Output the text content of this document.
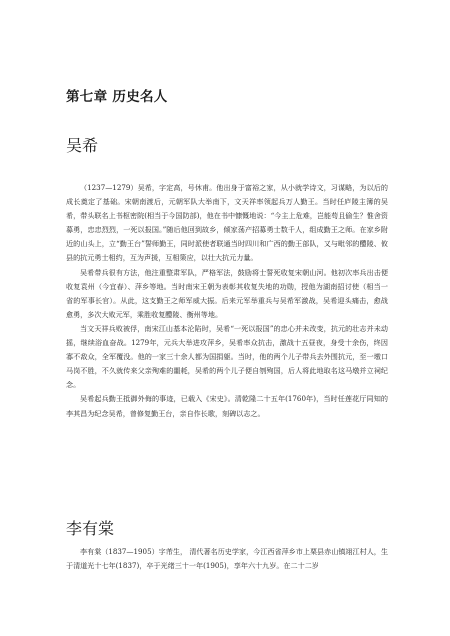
第七章 历史名人
吴希

（1237—1279）吴希，字定高，号休甫。他出身于富裕之家，从小就学诗文，习谋略，为以后的成长奠定了基础。宋朝南渡后，元朝军队大举南下，文天祥率领起兵万人勤王。当时任庐陵主簿的吴希，带头联名上书枢密院(相当于今国防部)，他在书中慷慨地说：“今主上危难，岂能苟且偷生？惟舍资募勇，忠忠烈烈，一死以报国。”随后他回到故乡，倾家荡产招募勇士数千人，组成勤王之师。在家乡附近的山头上，立“勤王台”誓师勤王，同时派使者联通当时四川和广西的勤王部队，又与毗邻的醴陵、攸县的抗元勇士相约，互为声援，互相策应，以壮大抗元力量。

吴希带兵很有方法，他注重整肃军队，严格军法，鼓励将士誓死收复宋朝山河。他初次率兵出击便收复袁州（今宜春）、萍乡等地。当时南宋王朝为表彰其收复失地的功勋，授他为湖南招讨使（相当一省的军事长官）。从此，这支勤王之师军威大振。后来元军举重兵与吴希军激战，吴希迎头痛击，愈战愈勇，多次大败元军，乘胜收复醴陵、衡州等地。

当文天祥兵败被俘，南宋江山基本沦陷时，吴希“一死以报国”的忠心并未改变，抗元的壮志并未动摇，继续浴血奋战。1279年，元兵大举进攻萍乡，吴希率众抗击，激战十五昼夜，身受十余伤，终因寡不敌众，全军覆没。他的一家三十余人都为国捐躯。当时，他的两个儿子带兵去外围抗元，至一墩口马岗不胜，不久就传来父亲殉难的噩耗，吴希的两个儿子便自刎殉国，后人将此地取名这马墩并立祠纪念。

吴希起兵勤王抵御外侮的事迹，已载入《宋史》。清乾隆二十五年(1760年)，当时任莲花厅同知的李其昌为纪念吴希，曾修复勤王台，亲自作长歌，刻碑以志之。

李有棠

李有棠（1837—1905）字芾生， 清代著名历史学家，今江西省萍乡市上栗县赤山镇翊江村人，生于清道光十七年(1837)，卒于光绪三十一年(1905)，享年六十九岁。在二十二岁
